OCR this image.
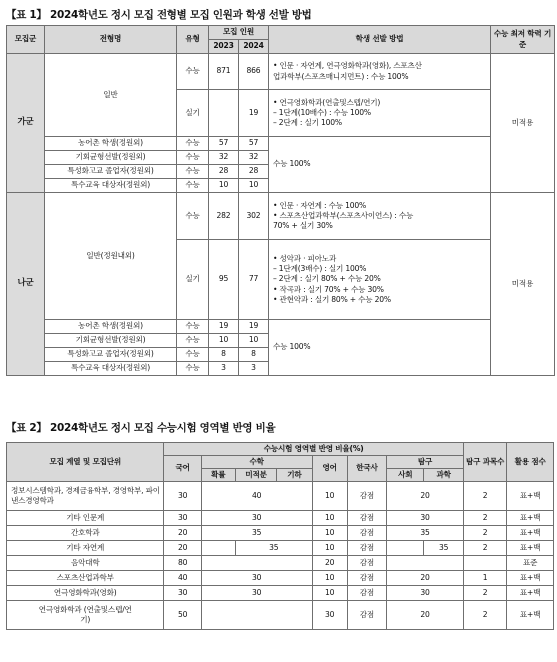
【표 1】 2024학년도 정시 모집 전형별 모집 인원과 학생 선발 방법
모집군	전형명	유형	모집 인원		학생 선발 방법	수능 최저 학력 기준
			2023	2024		
가군	일반	수능	871	866	• 인문 · 자연계, 연극영화학과(영화), 스포츠산
업과학부(스포츠매니지먼트) : 수능 100%	미적용
		실기		19	• 연극영화학과(연출및스텝/연기)
– 1단계(10배수) : 수능 100%
– 2단계 : 실기 100%	

	농어촌 학생(정원외)	수능	57	57	수능 100%	
	기회균형선발(정원외)	수능	32	32		
	특성화고교 졸업자(정원외)	수능	28	28		
	특수교육 대상자(정원외)	수능	10	10		
나군	일반(정원내외)	수능	282	302	• 인문 · 자연계 : 수능 100%
• 스포츠산업과학부(스포츠사이언스) : 수능
70% + 실기 30%	미적용
		실기	95	77	• 성악과 · 피아노과
– 1단계(3배수) : 실기 100%
– 2단계 : 실기 80% + 수능 20%
• 작곡과 : 실기 70% + 수능 30%
• 관현악과 : 실기 80% + 수능 20%	

	농어촌 학생(정원외)	수능	19	19	수능 100%	
	기회균형선발(정원외)	수능	10	10		
	특성화고교 졸업자(정원외)	수능	8	8		
	특수교육 대상자(정원외)	수능	3	3		
【표 2】 2024학년도 정시 모집 수능시험 영역별 반영 비율
모집 계열 및 모집단위	수능시험 영역별 반영 비율(%)								탐구 과목수	활용 점수
	국어	수학			영어	한국사	탐구			
		확률	미적분	기하			사회	과학		
정보시스템학과, 경제금융학부, 경영학부, 파이낸스경영학과	30	40			10	감점	20		2	표+백
기타 인문계	30	30			10	감점	30		2	표+백
간호학과	20	35			10	감점	35		2	표+백
기타 자연계	20		35		10	감점		35	2	표+백
음악대학	80				20	감점				표준
스포츠산업과학부	40	30			10	감점	20		1	표+백
연극영화학과(영화)	30	30			10	감점	30		2	표+백
연극영화학과 (연출및스텝/연기)	50				30	감점	20		2	표+백
